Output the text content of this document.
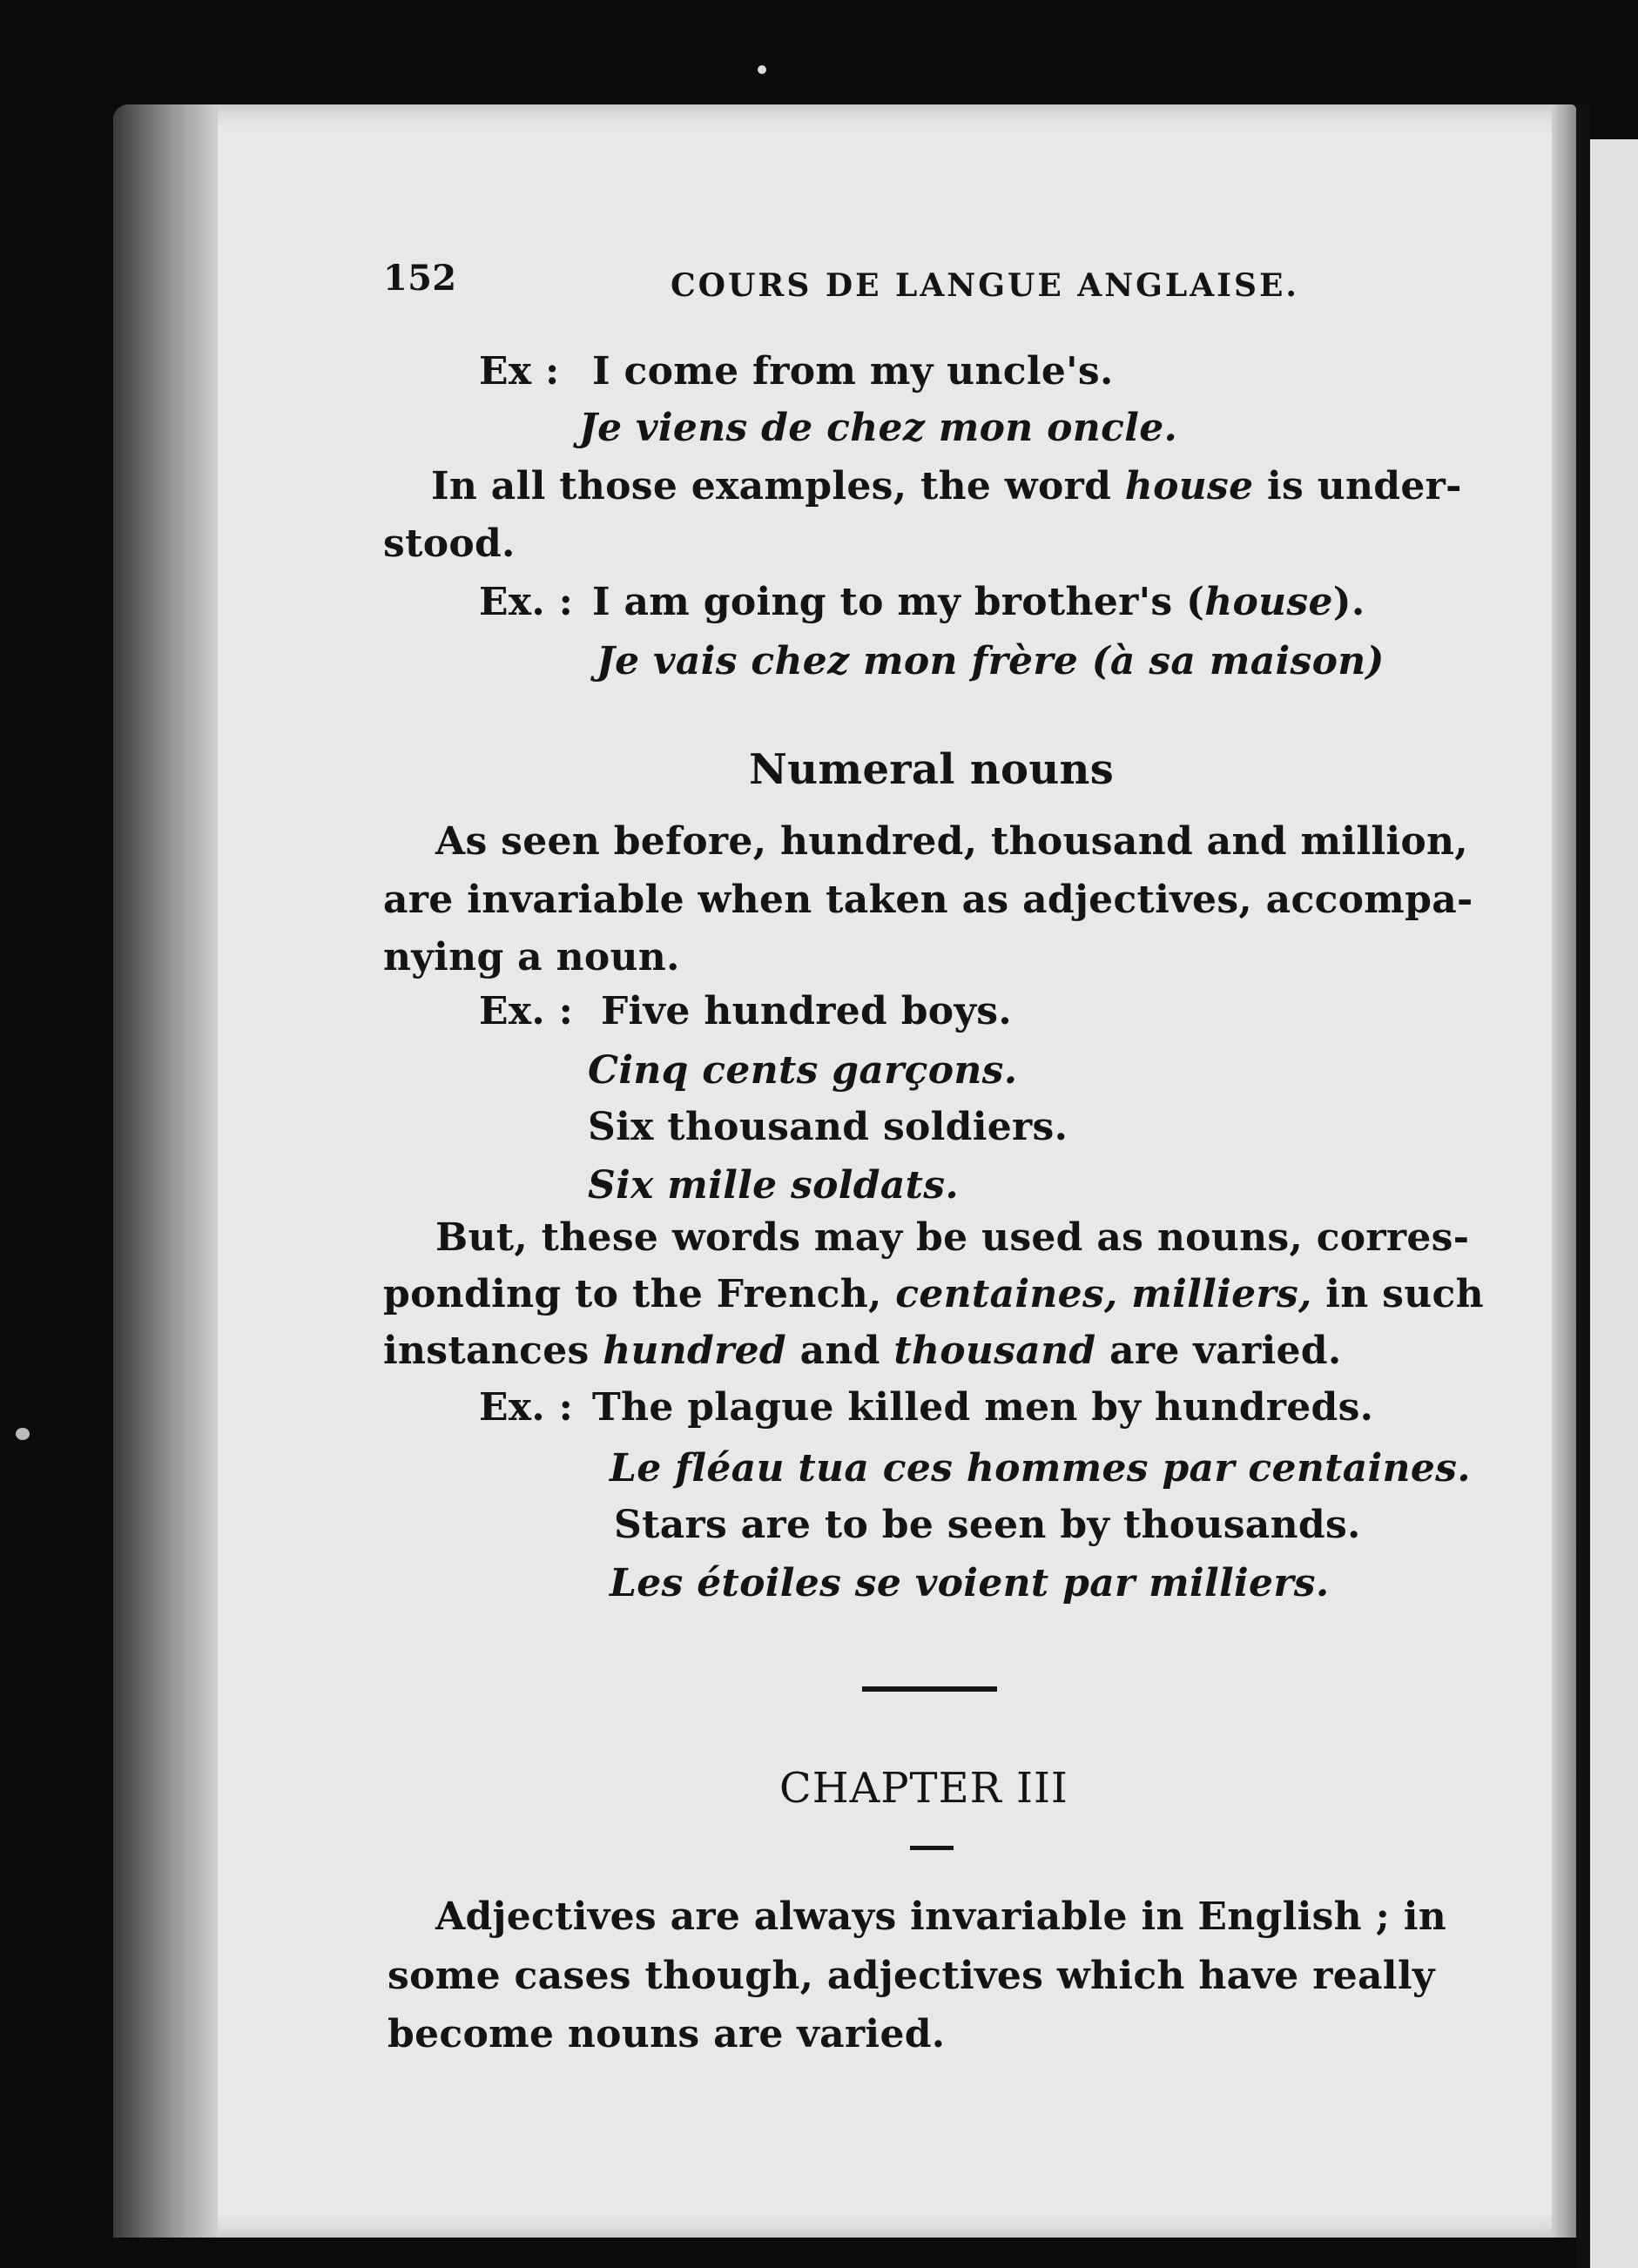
152	COURS DE LANGUE ANGLAISE.
Ex : I come from my uncle's.
Je viens de chez mon oncle.
In all those examples, the word house is under-
stood.
Ex. : I am going to my brother's (house).
Je vais chez mon frère (à sa maison)
Numeral nouns
As seen before, hundred, thousand and million,
are invariable when taken as adjectives, accompa-
nying a noun.
Ex. : Five hundred boys.
Cinq cents garçons.
Six thousand soldiers.
Six mille soldats.
But, these words may be used as nouns, corres-
ponding to the French, centaines, milliers, in such
instances hundred and thousand are varied.
Ex. : The plague killed men by hundreds.
Le fléau tua ces hommes par centaines.
Stars are to be seen by thousands.
Les étoiles se voient par milliers.
CHAPTER III
Adjectives are always invariable in English ; in
some cases though, adjectives which have really
become nouns are varied.
